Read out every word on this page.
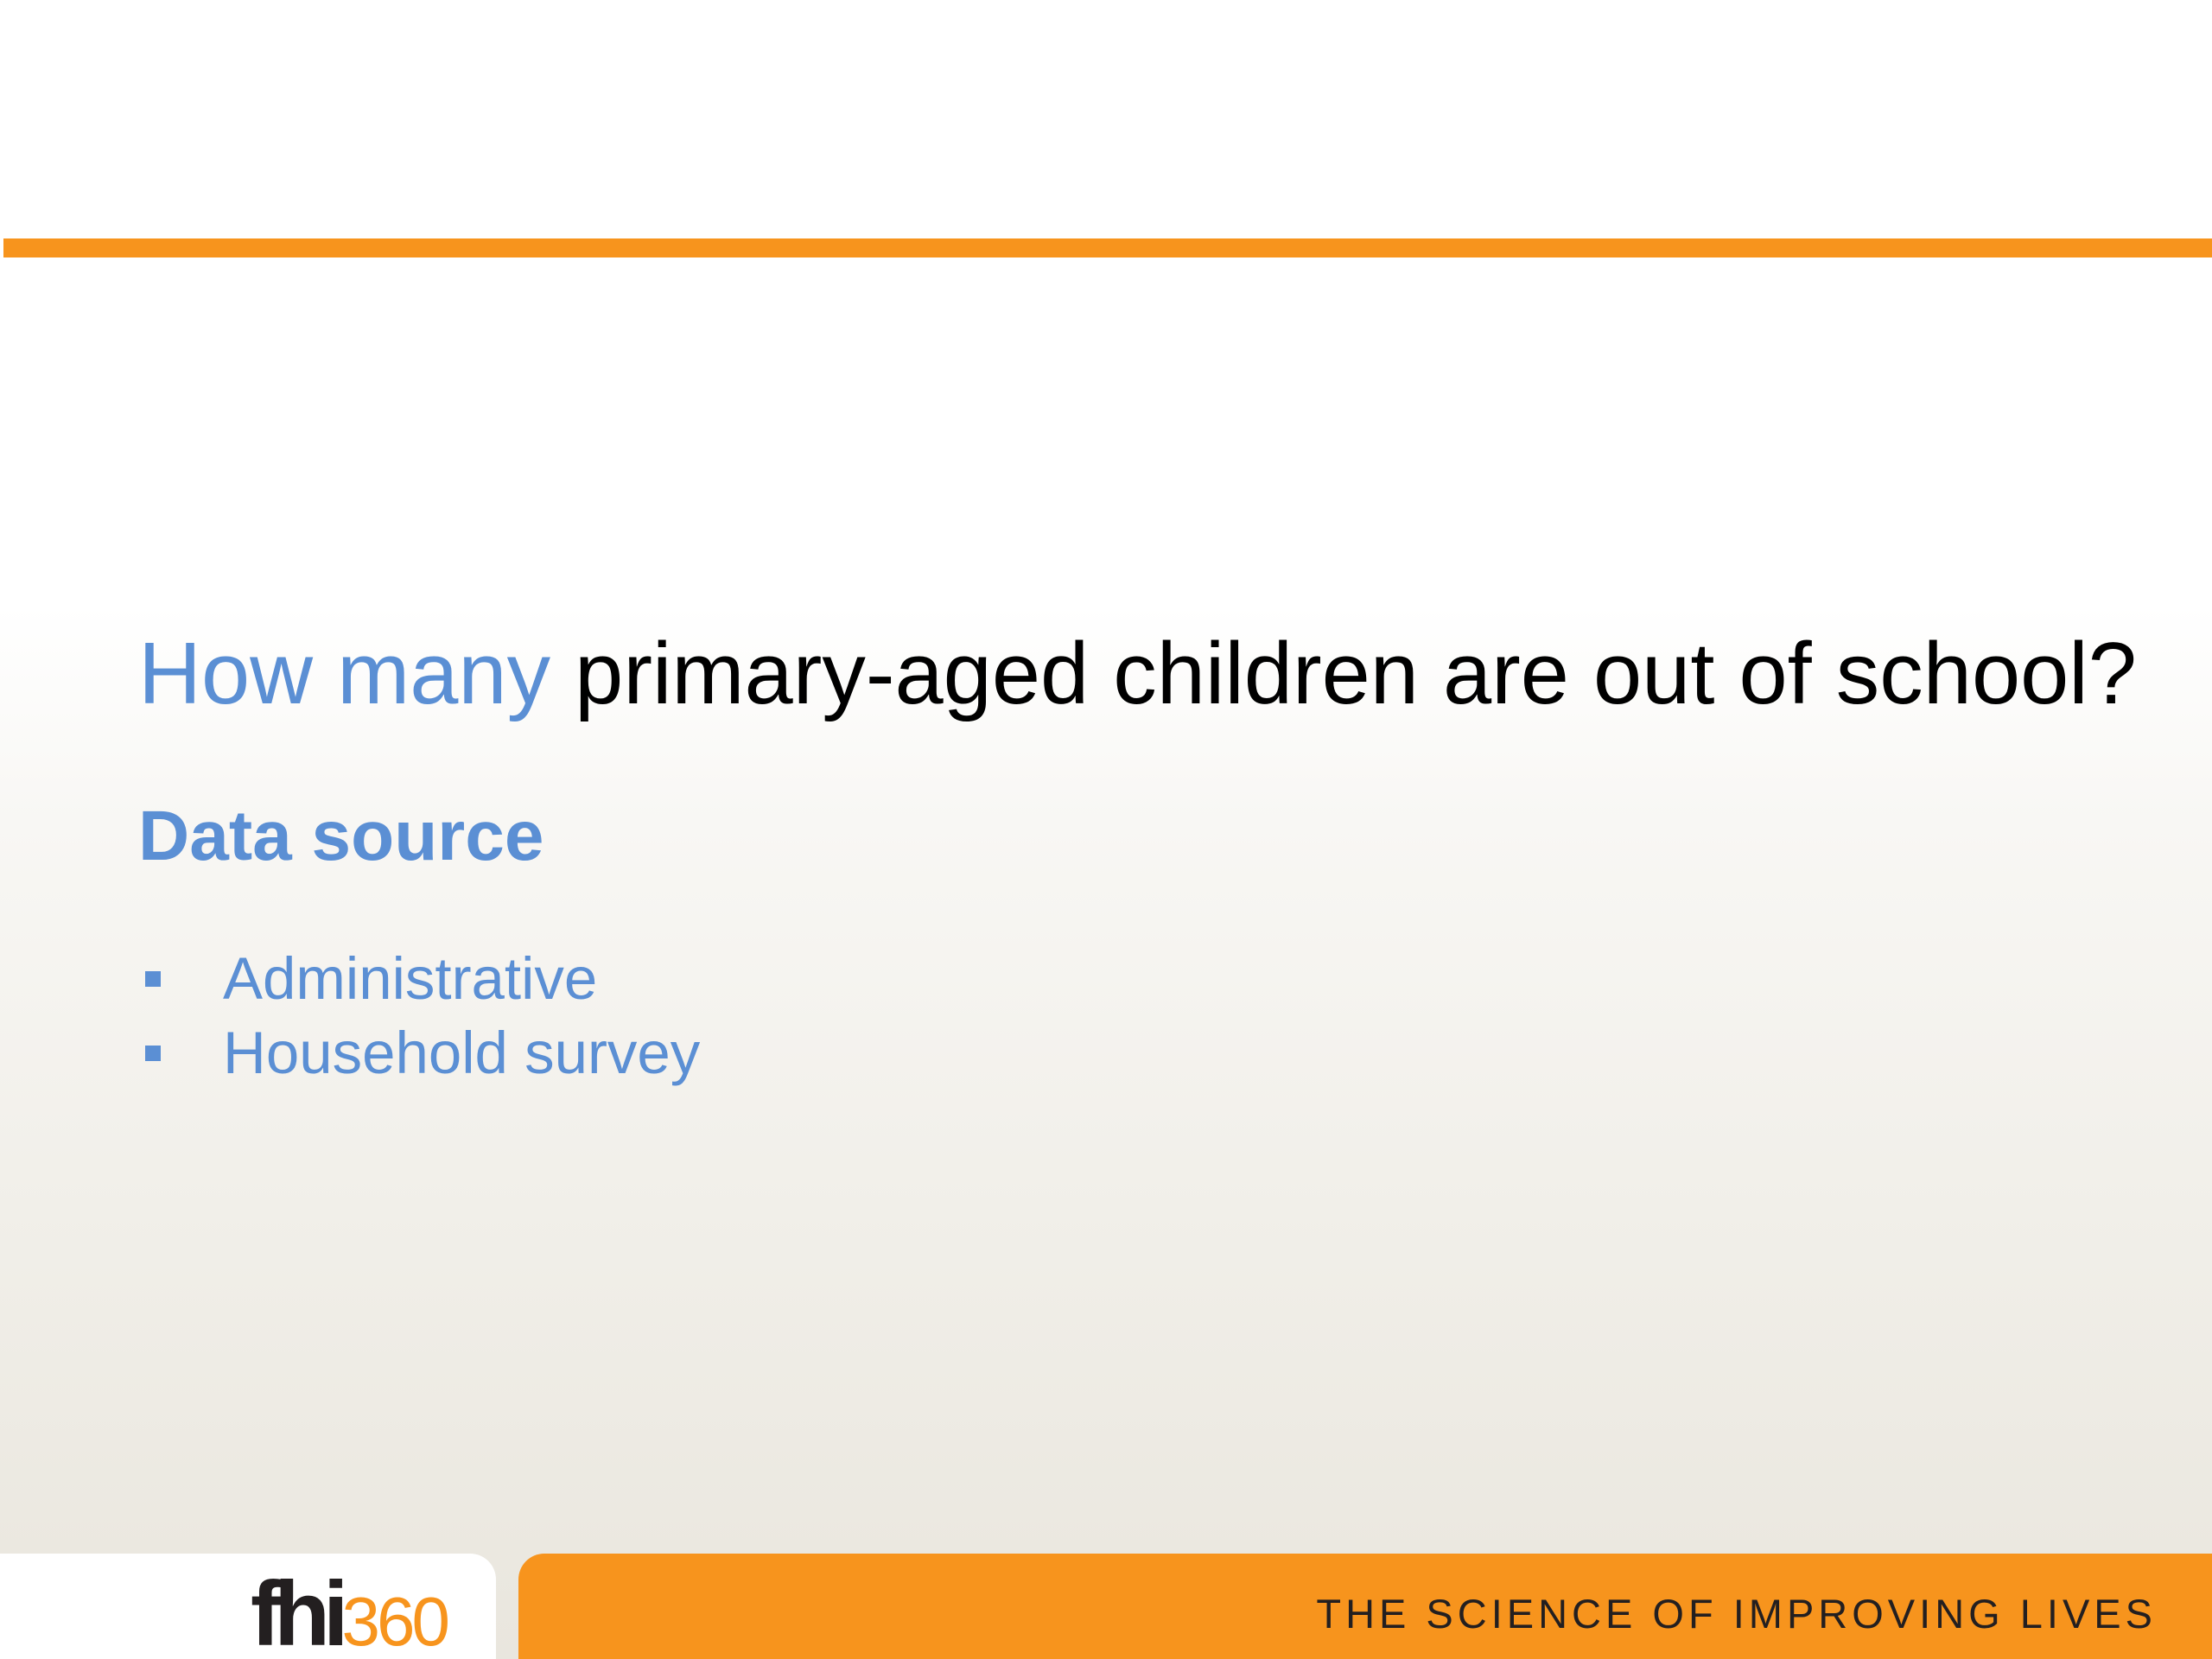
How many primary-aged children are out of school?
Data source
Administrative
Household survey
fhi360	THE SCIENCE OF IMPROVING LIVES
